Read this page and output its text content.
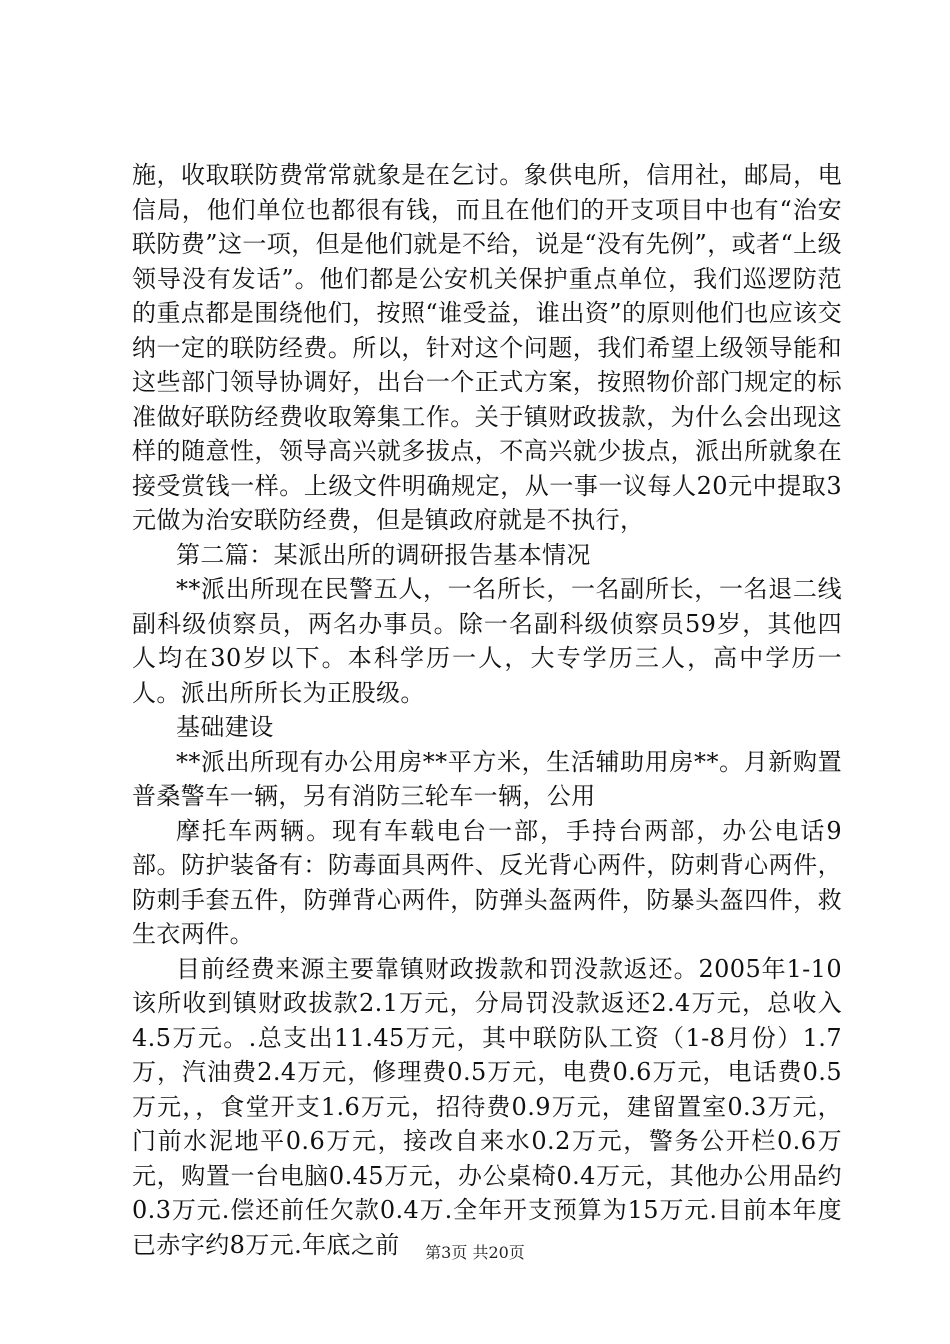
施，收取联防费常常就象是在乞讨。象供电所，信用社，邮局，电信局，他们单位也都很有钱，而且在他们的开支项目中也有“治安联防费”这一项，但是他们就是不给，说是“没有先例”，或者“上级领导没有发话”。他们都是公安机关保护重点单位，我们巡逻防范的重点都是围绕他们，按照“谁受益，谁出资”的原则他们也应该交纳一定的联防经费。所以，针对这个问题，我们希望上级领导能和这些部门领导协调好，出台一个正式方案，按照物价部门规定的标准做好联防经费收取筹集工作。关于镇财政拔款，为什么会出现这样的随意性，领导高兴就多拔点，不高兴就少拔点，派出所就象在接受赏钱一样。上级文件明确规定，从一事一议每人20元中提取3元做为治安联防经费，但是镇政府就是不执行，

第二篇：某派出所的调研报告基本情况

**派出所现在民警五人，一名所长，一名副所长，一名退二线副科级侦察员，两名办事员。除一名副科级侦察员59岁，其他四人均在30岁以下。本科学历一人，大专学历三人，高中学历一人。派出所所长为正股级。

基础建设

**派出所现有办公用房**平方米，生活辅助用房**。月新购置普桑警车一辆，另有消防三轮车一辆，公用

摩托车两辆。现有车载电台一部，手持台两部，办公电话9部。防护装备有：防毒面具两件、反光背心两件，防刺背心两件，防刺手套五件，防弹背心两件，防弹头盔两件，防暴头盔四件，救生衣两件。

目前经费来源主要靠镇财政拨款和罚没款返还。2005年1-10该所收到镇财政拔款2.1万元，分局罚没款返还2.4万元，总收入4.5万元。.总支出11.45万元，其中联防队工资（1-8月份）1.7万，汽油费2.4万元，修理费0.5万元，电费0.6万元，电话费0.5万元，，食堂开支1.6万元，招待费0.9万元，建留置室0.3万元，门前水泥地平0.6万元，接改自来水0.2万元，警务公开栏0.6万元，购置一台电脑0.45万元，办公桌椅0.4万元，其他办公用品约0.3万元.偿还前任欠款0.4万.全年开支预算为15万元.目前本年度已赤字约8万元.年底之前	第3页 共20页
